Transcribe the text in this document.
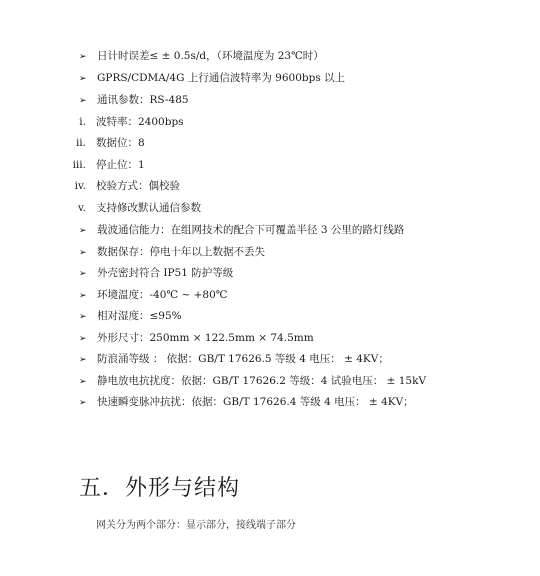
➢ 日计时误差≤ ± 0.5s/d，（环境温度为 23℃时）
➢ GPRS/CDMA/4G 上行通信波特率为 9600bps 以上
➢ 通讯参数：RS-485
i. 波特率：2400bps
ii. 数据位：8
iii. 停止位：1
iv. 校验方式：偶校验
v. 支持修改默认通信参数
➢ 载波通信能力：在组网技术的配合下可覆盖半径 3 公里的路灯线路
➢ 数据保存：停电十年以上数据不丢失
➢ 外壳密封符合 IP51 防护等级
➢ 环境温度：-40℃ ~ +80℃
➢ 相对湿度：≤95%
➢ 外形尺寸：250mm × 122.5mm × 74.5mm
➢ 防浪涌等级 ： 依据：GB/T 17626.5 等级 4 电压： ± 4KV；
➢ 静电放电抗扰度：依据：GB/T 17626.2 等级：4 试验电压： ± 15kV
➢ 快速瞬变脉冲抗扰：依据：GB/T 17626.4 等级 4 电压： ± 4KV；
五．外形与结构
网关分为两个部分：显示部分，接线端子部分
